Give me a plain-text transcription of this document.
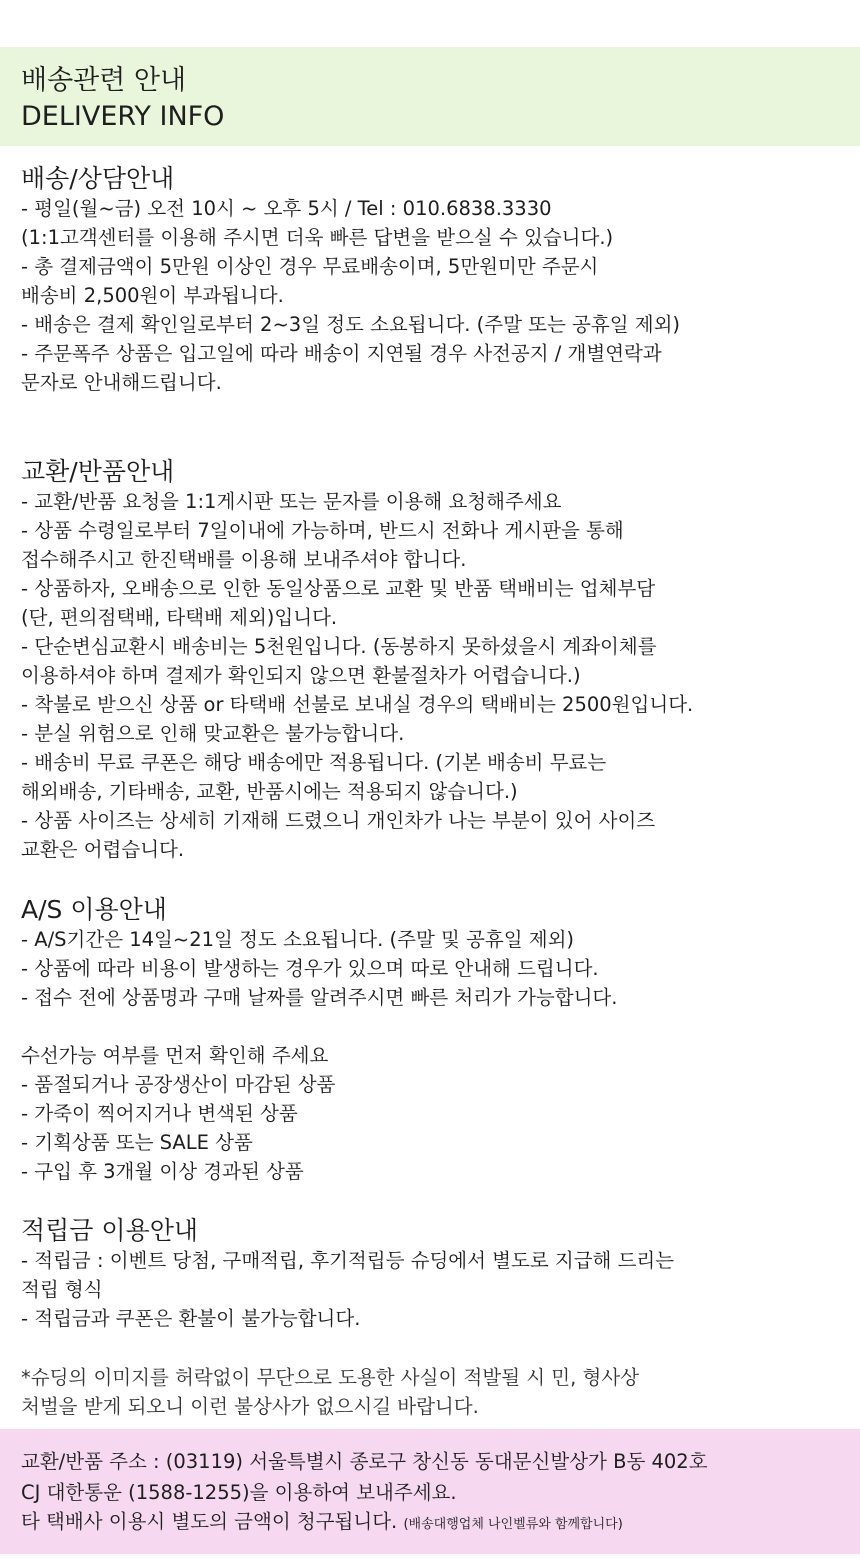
배송관련 안내
DELIVERY INFO
배송/상담안내
- 평일(월~금) 오전 10시 ~ 오후 5시 / Tel : 010.6838.3330
(1:1고객센터를 이용해 주시면 더욱 빠른 답변을 받으실 수 있습니다.)
- 총 결제금액이 5만원 이상인 경우 무료배송이며, 5만원미만 주문시
배송비 2,500원이 부과됩니다.
- 배송은 결제 확인일로부터 2~3일 정도 소요됩니다. (주말 또는 공휴일 제외)
- 주문폭주 상품은 입고일에 따라 배송이 지연될 경우 사전공지 / 개별연락과
문자로 안내해드립니다.
교환/반품안내
- 교환/반품 요청을 1:1게시판 또는 문자를 이용해 요청해주세요
- 상품 수령일로부터 7일이내에 가능하며, 반드시 전화나 게시판을 통해
접수해주시고 한진택배를 이용해 보내주셔야 합니다.
- 상품하자, 오배송으로 인한 동일상품으로 교환 및 반품 택배비는 업체부담
(단, 편의점택배, 타택배 제외)입니다.
- 단순변심교환시 배송비는 5천원입니다. (동봉하지 못하셨을시 계좌이체를
이용하셔야 하며 결제가 확인되지 않으면 환불절차가 어렵습니다.)
- 착불로 받으신 상품 or 타택배 선불로 보내실 경우의 택배비는 2500원입니다.
- 분실 위험으로 인해 맞교환은 불가능합니다.
- 배송비 무료 쿠폰은 해당 배송에만 적용됩니다. (기본 배송비 무료는
해외배송, 기타배송, 교환, 반품시에는 적용되지 않습니다.)
- 상품 사이즈는 상세히 기재해 드렸으니 개인차가 나는 부분이 있어 사이즈
교환은 어렵습니다.
A/S 이용안내
- A/S기간은 14일~21일 정도 소요됩니다. (주말 및 공휴일 제외)
- 상품에 따라 비용이 발생하는 경우가 있으며 따로 안내해 드립니다.
- 접수 전에 상품명과 구매 날짜를 알려주시면 빠른 처리가 가능합니다.
수선가능 여부를 먼저 확인해 주세요
- 품절되거나 공장생산이 마감된 상품
- 가죽이 찍어지거나 변색된 상품
- 기획상품 또는 SALE 상품
- 구입 후 3개월 이상 경과된 상품
적립금 이용안내
- 적립금 : 이벤트 당첨, 구매적립, 후기적립등 슈딩에서 별도로 지급해 드리는
적립 형식
- 적립금과 쿠폰은 환불이 불가능합니다.
*슈딩의 이미지를 허락없이 무단으로 도용한 사실이 적발될 시 민, 형사상
처벌을 받게 되오니 이런 불상사가 없으시길 바랍니다.
교환/반품 주소 : (03119) 서울특별시 종로구 창신동 동대문신발상가 B동 402호
CJ 대한통운 (1588-1255)을 이용하여 보내주세요.
타 택배사 이용시 별도의 금액이 청구됩니다. (배송대행업체 나인벨류와 함께합니다)
